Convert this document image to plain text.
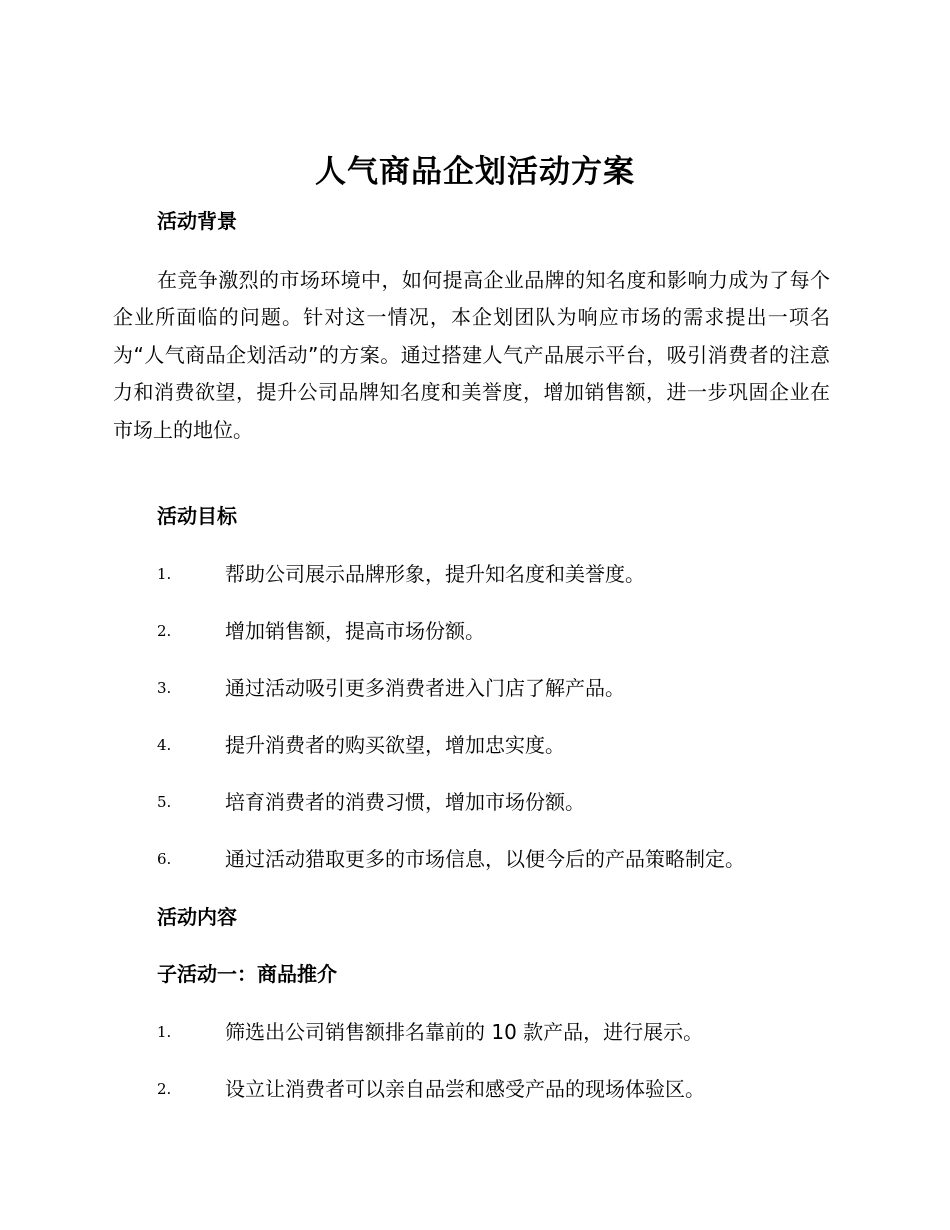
人气商品企划活动方案
活动背景

在竞争激烈的市场环境中，如何提高企业品牌的知名度和影响力成为了每个企业所面临的问题。针对这一情况，本企划团队为响应市场的需求提出一项名为“人气商品企划活动”的方案。通过搭建人气产品展示平台，吸引消费者的注意力和消费欲望，提升公司品牌知名度和美誉度，增加销售额，进一步巩固企业在市场上的地位。

活动目标
1.	帮助公司展示品牌形象，提升知名度和美誉度。
2.	增加销售额，提高市场份额。
3.	通过活动吸引更多消费者进入门店了解产品。
4.	提升消费者的购买欲望，增加忠实度。
5.	培育消费者的消费习惯，增加市场份额。
6.	通过活动猎取更多的市场信息，以便今后的产品策略制定。
活动内容
子活动一：商品推介
1.	筛选出公司销售额排名靠前的 10 款产品，进行展示。
2.	设立让消费者可以亲自品尝和感受产品的现场体验区。
